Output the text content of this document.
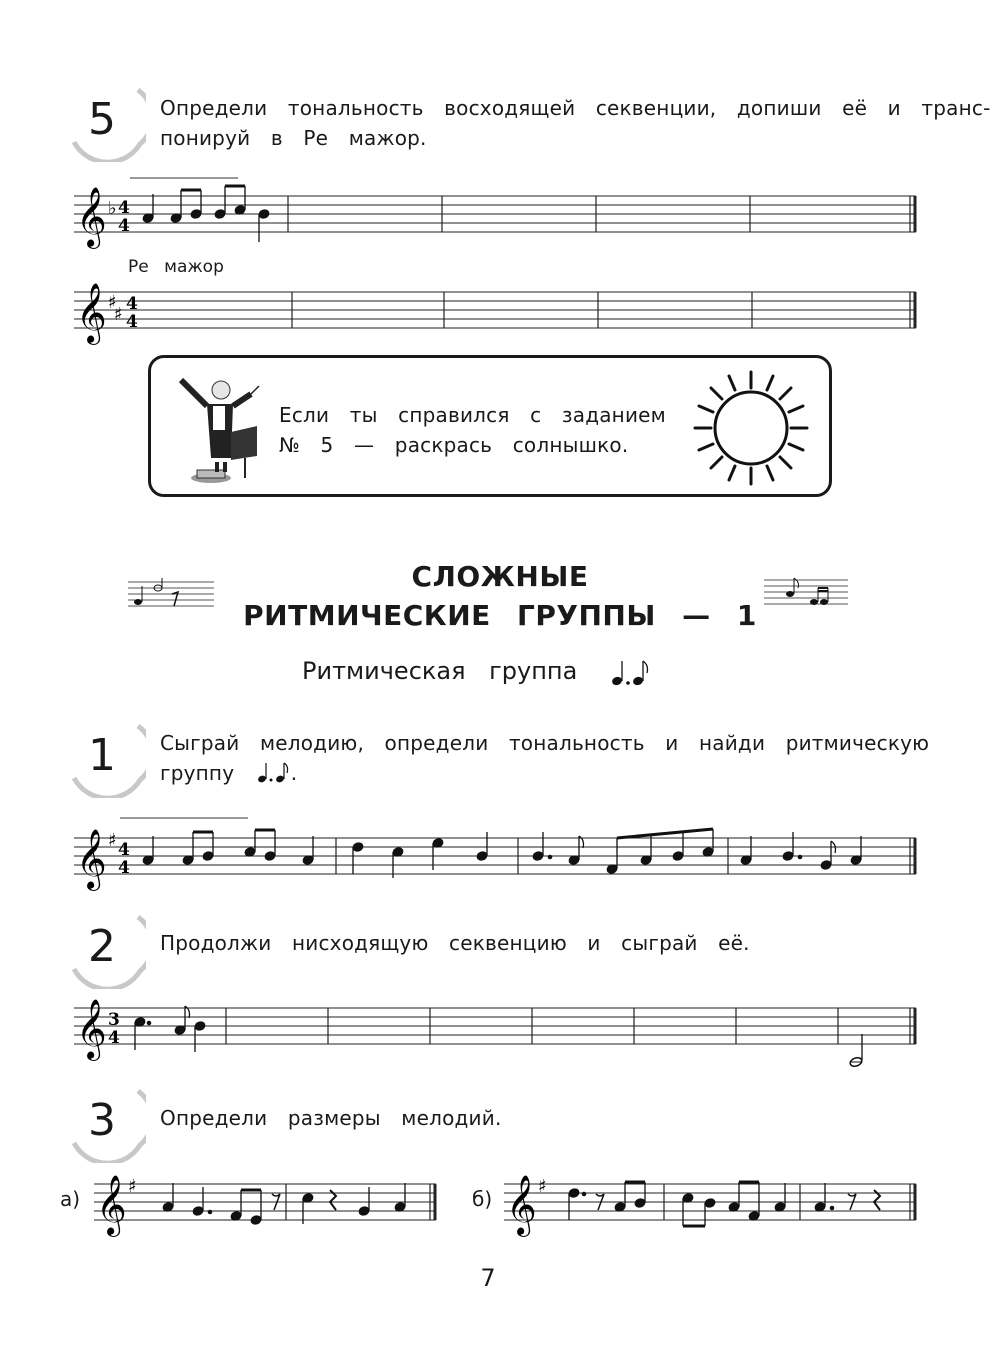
5	Определи тональность восходящей секвенции, допиши её и транс-
понируй в Ре мажор.
𝄞 ♭ 4
4
Ре мажор
𝄞 ♯
♯ 4
4
Если ты справился с заданием
№ 5 — раскрась солнышко.
СЛОЖНЫЕ
РИТМИЧЕСКИЕ ГРУППЫ — 1
Ритмическая группа
1	Сыграй мелодию, определи тональность и найди ритмическую
группу	.
𝄞 ♯ 4
4
2	Продолжи нисходящую секвенцию и сыграй её.
𝄞 3
4
3	Определи размеры мелодий.
а) 𝄞 ♯
б) 𝄞 ♯
7
